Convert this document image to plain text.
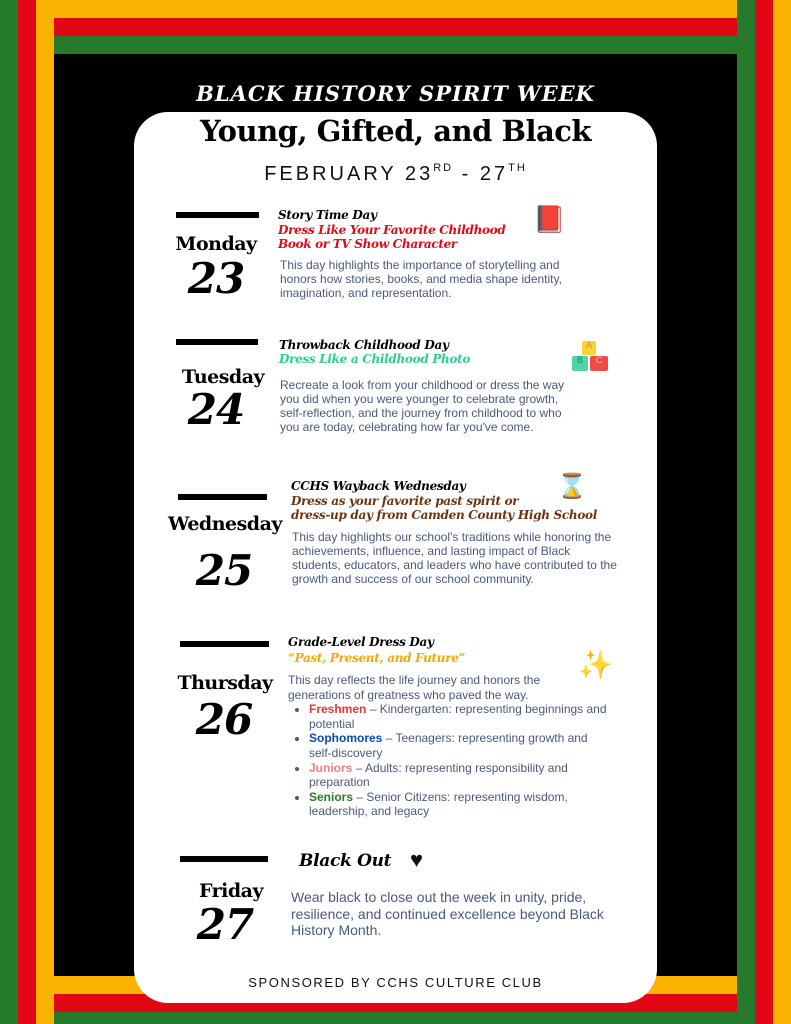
BLACK HISTORY SPIRIT WEEK
Young, Gifted, and Black
FEBRUARY 23RD - 27TH
Monday
23
Story Time Day
Dress Like Your Favorite Childhood
Book or TV Show Character
📕
This day highlights the importance of storytelling and honors how stories, books, and media shape identity, imagination, and representation.
Tuesday
24
Throwback Childhood Day
Dress Like a Childhood Photo
A
B	C
Recreate a look from your childhood or dress the way you did when you were younger to celebrate growth, self-reflection, and the journey from childhood to who you are today, celebrating how far you've come.
Wednesday
25
CCHS Wayback Wednesday
Dress as your favorite past spirit or
dress-up day from Camden County High School
⌛
This day highlights our school's traditions while honoring the achievements, influence, and lasting impact of Black students, educators, and leaders who have contributed to the growth and success of our school community.
Thursday
26
Grade-Level Dress Day
“Past, Present, and Future”	✨
This day reflects the life journey and honors the generations of greatness who paved the way.
• Freshmen – Kindergarten: representing beginnings and potential
• Sophomores – Teenagers: representing growth and self-discovery
• Juniors – Adults: representing responsibility and preparation
• Seniors – Senior Citizens: representing wisdom, leadership, and legacy
Friday
27
Black Out ♥
Wear black to close out the week in unity, pride, resilience, and continued excellence beyond Black History Month.
SPONSORED BY CCHS CULTURE CLUB
